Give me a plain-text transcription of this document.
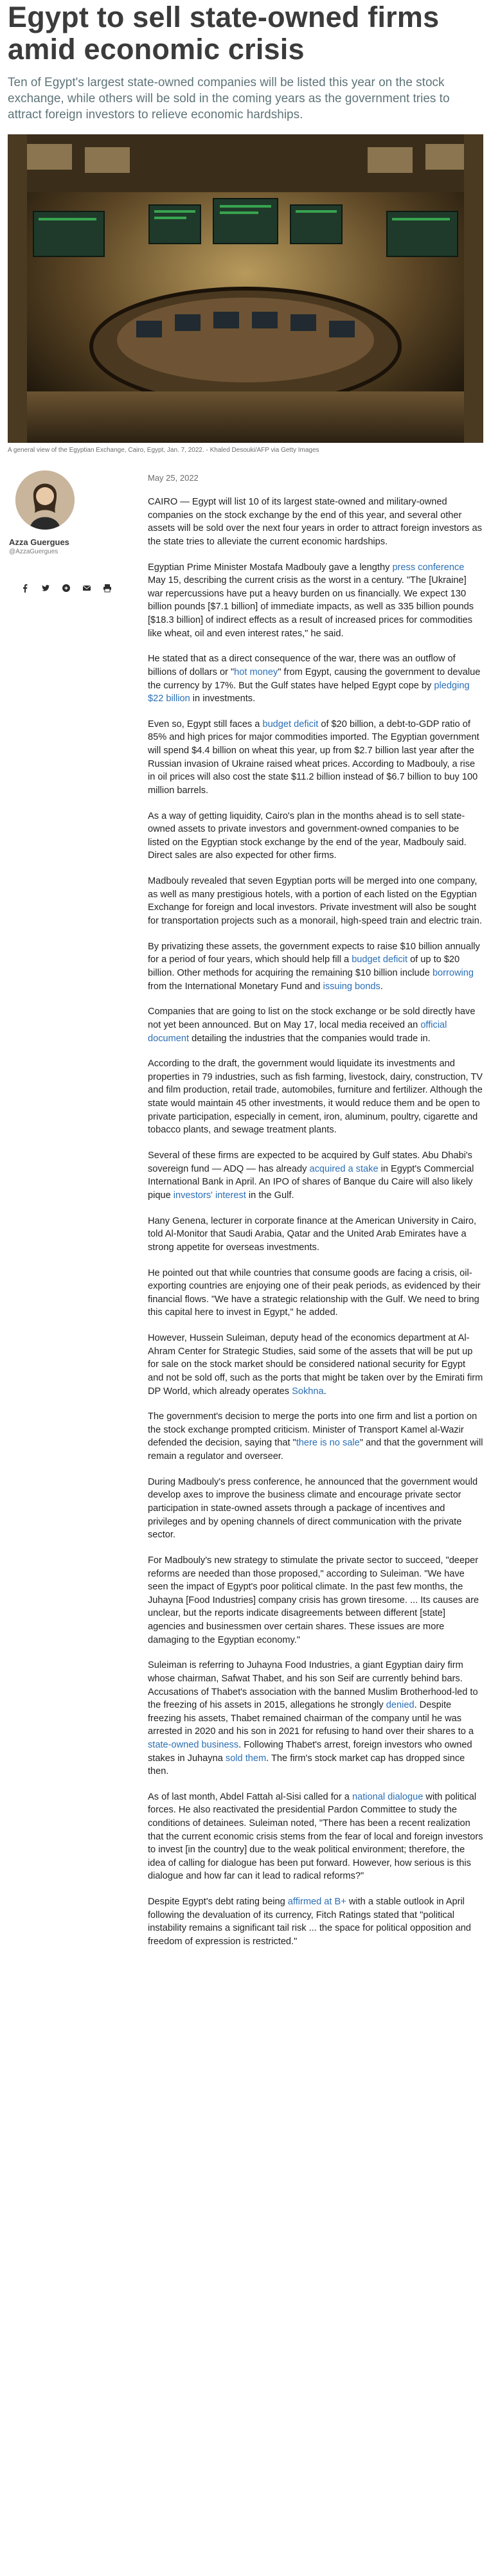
Egypt to sell state-owned firms amid economic crisis

Ten of Egypt's largest state-owned companies will be listed this year on the stock exchange, while others will be sold in the coming years as the government tries to attract foreign investors to relieve economic hardships.

A general view of the Egyptian Exchange, Cairo, Egypt, Jan. 7, 2022. - Khaled Desouki/AFP via Getty Images

Azza Guergues
@AzzaGuergues
May 25, 2022

CAIRO — Egypt will list 10 of its largest state-owned and military-owned companies on the stock exchange by the end of this year, and several other assets will be sold over the next four years in order to attract foreign investors as the state tries to alleviate the current economic hardships.

Egyptian Prime Minister Mostafa Madbouly gave a lengthy press conference May 15, describing the current crisis as the worst in a century. "The [Ukraine] war repercussions have put a heavy burden on us financially. We expect 130 billion pounds [$7.1 billion] of immediate impacts, as well as 335 billion pounds [$18.3 billion] of indirect effects as a result of increased prices for commodities like wheat, oil and even interest rates," he said.

He stated that as a direct consequence of the war, there was an outflow of billions of dollars or "hot money" from Egypt, causing the government to devalue the currency by 17%. But the Gulf states have helped Egypt cope by pledging $22 billion in investments.

Even so, Egypt still faces a budget deficit of $20 billion, a debt-to-GDP ratio of 85% and high prices for major commodities imported. The Egyptian government will spend $4.4 billion on wheat this year, up from $2.7 billion last year after the Russian invasion of Ukraine raised wheat prices. According to Madbouly, a rise in oil prices will also cost the state $11.2 billion instead of $6.7 billion to buy 100 million barrels.

As a way of getting liquidity, Cairo's plan in the months ahead is to sell state-owned assets to private investors and government-owned companies to be listed on the Egyptian stock exchange by the end of the year, Madbouly said. Direct sales are also expected for other firms.

Madbouly revealed that seven Egyptian ports will be merged into one company, as well as many prestigious hotels, with a portion of each listed on the Egyptian Exchange for foreign and local investors. Private investment will also be sought for transportation projects such as a monorail, high-speed train and electric train.

By privatizing these assets, the government expects to raise $10 billion annually for a period of four years, which should help fill a budget deficit of up to $20 billion. Other methods for acquiring the remaining $10 billion include borrowing from the International Monetary Fund and issuing bonds.

Companies that are going to list on the stock exchange or be sold directly have not yet been announced. But on May 17, local media received an official document detailing the industries that the companies would trade in.

According to the draft, the government would liquidate its investments and properties in 79 industries, such as fish farming, livestock, dairy, construction, TV and film production, retail trade, automobiles, furniture and fertilizer. Although the state would maintain 45 other investments, it would reduce them and be open to private participation, especially in cement, iron, aluminum, poultry, cigarette and tobacco plants, and sewage treatment plants.

Several of these firms are expected to be acquired by Gulf states. Abu Dhabi's sovereign fund — ADQ — has already acquired a stake in Egypt's Commercial International Bank in April. An IPO of shares of Banque du Caire will also likely pique investors' interest in the Gulf.

Hany Genena, lecturer in corporate finance at the American University in Cairo, told Al-Monitor that Saudi Arabia, Qatar and the United Arab Emirates have a strong appetite for overseas investments.

He pointed out that while countries that consume goods are facing a crisis, oil-exporting countries are enjoying one of their peak periods, as evidenced by their financial flows. "We have a strategic relationship with the Gulf. We need to bring this capital here to invest in Egypt," he added.

However, Hussein Suleiman, deputy head of the economics department at Al-Ahram Center for Strategic Studies, said some of the assets that will be put up for sale on the stock market should be considered national security for Egypt and not be sold off, such as the ports that might be taken over by the Emirati firm DP World, which already operates Sokhna.

The government's decision to merge the ports into one firm and list a portion on the stock exchange prompted criticism. Minister of Transport Kamel al-Wazir defended the decision, saying that "there is no sale" and that the government will remain a regulator and overseer.

During Madbouly's press conference, he announced that the government would develop axes to improve the business climate and encourage private sector participation in state-owned assets through a package of incentives and privileges and by opening channels of direct communication with the private sector.

For Madbouly's new strategy to stimulate the private sector to succeed, "deeper reforms are needed than those proposed," according to Suleiman. "We have seen the impact of Egypt's poor political climate. In the past few months, the Juhayna [Food Industries] company crisis has grown tiresome. ... Its causes are unclear, but the reports indicate disagreements between different [state] agencies and businessmen over certain shares. These issues are more damaging to the Egyptian economy."

Suleiman is referring to Juhayna Food Industries, a giant Egyptian dairy firm whose chairman, Safwat Thabet, and his son Seif are currently behind bars. Accusations of Thabet's association with the banned Muslim Brotherhood-led to the freezing of his assets in 2015, allegations he strongly denied. Despite freezing his assets, Thabet remained chairman of the company until he was arrested in 2020 and his son in 2021 for refusing to hand over their shares to a state-owned business. Following Thabet's arrest, foreign investors who owned stakes in Juhayna sold them. The firm's stock market cap has dropped since then.

As of last month, Abdel Fattah al-Sisi called for a national dialogue with political forces. He also reactivated the presidential Pardon Committee to study the conditions of detainees. Suleiman noted, "There has been a recent realization that the current economic crisis stems from the fear of local and foreign investors to invest [in the country] due to the weak political environment; therefore, the idea of calling for dialogue has been put forward. However, how serious is this dialogue and how far can it lead to radical reforms?"

Despite Egypt's debt rating being affirmed at B+ with a stable outlook in April following the devaluation of its currency, Fitch Ratings stated that "political instability remains a significant tail risk ... the space for political opposition and freedom of expression is restricted."
